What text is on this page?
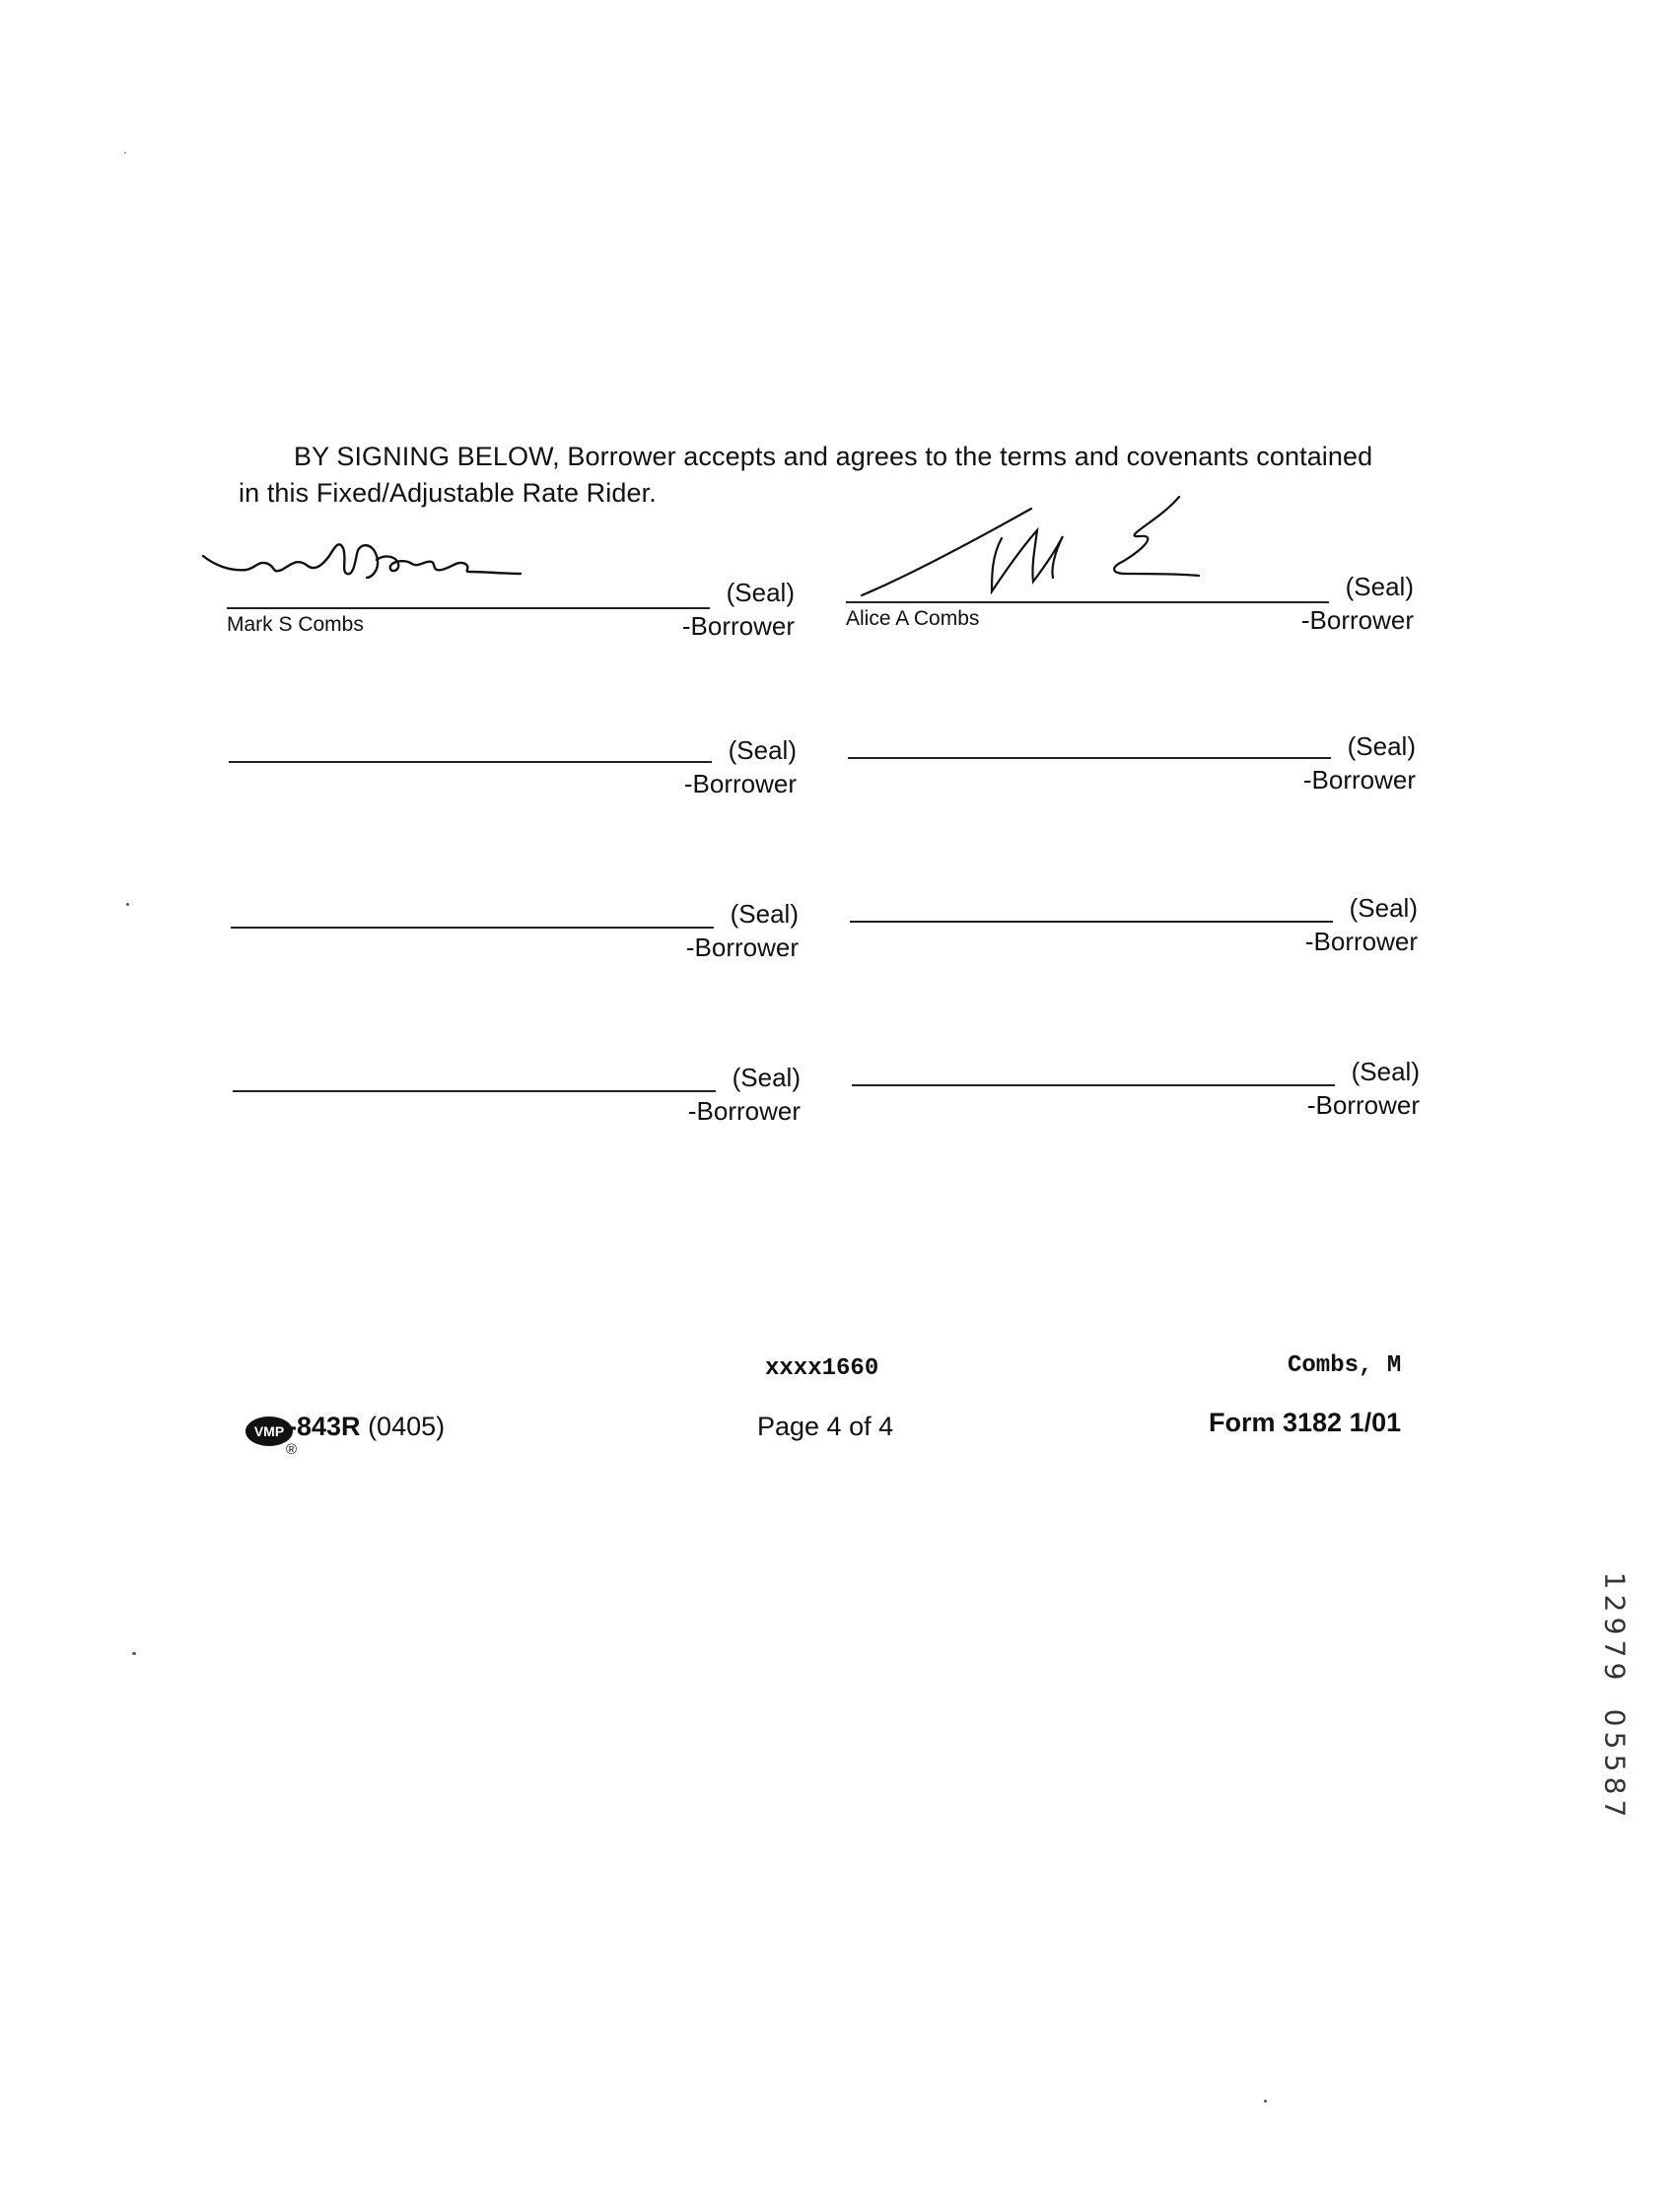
BY SIGNING BELOW, Borrower accepts and agrees to the terms and covenants contained
in this Fixed/Adjustable Rate Rider.
(Seal)
Mark S Combs	-Borrower
(Seal)
Alice A Combs	-Borrower
(Seal)
-Borrower
(Seal)
-Borrower
(Seal)
-Borrower
(Seal)
-Borrower
(Seal)
-Borrower
(Seal)
-Borrower
xxxx1660	Combs, M
VMP
®
-843R (0405)	Page 4 of 4	Form 3182 1/01
1
2
9
7
9
0
5
5
8
7
